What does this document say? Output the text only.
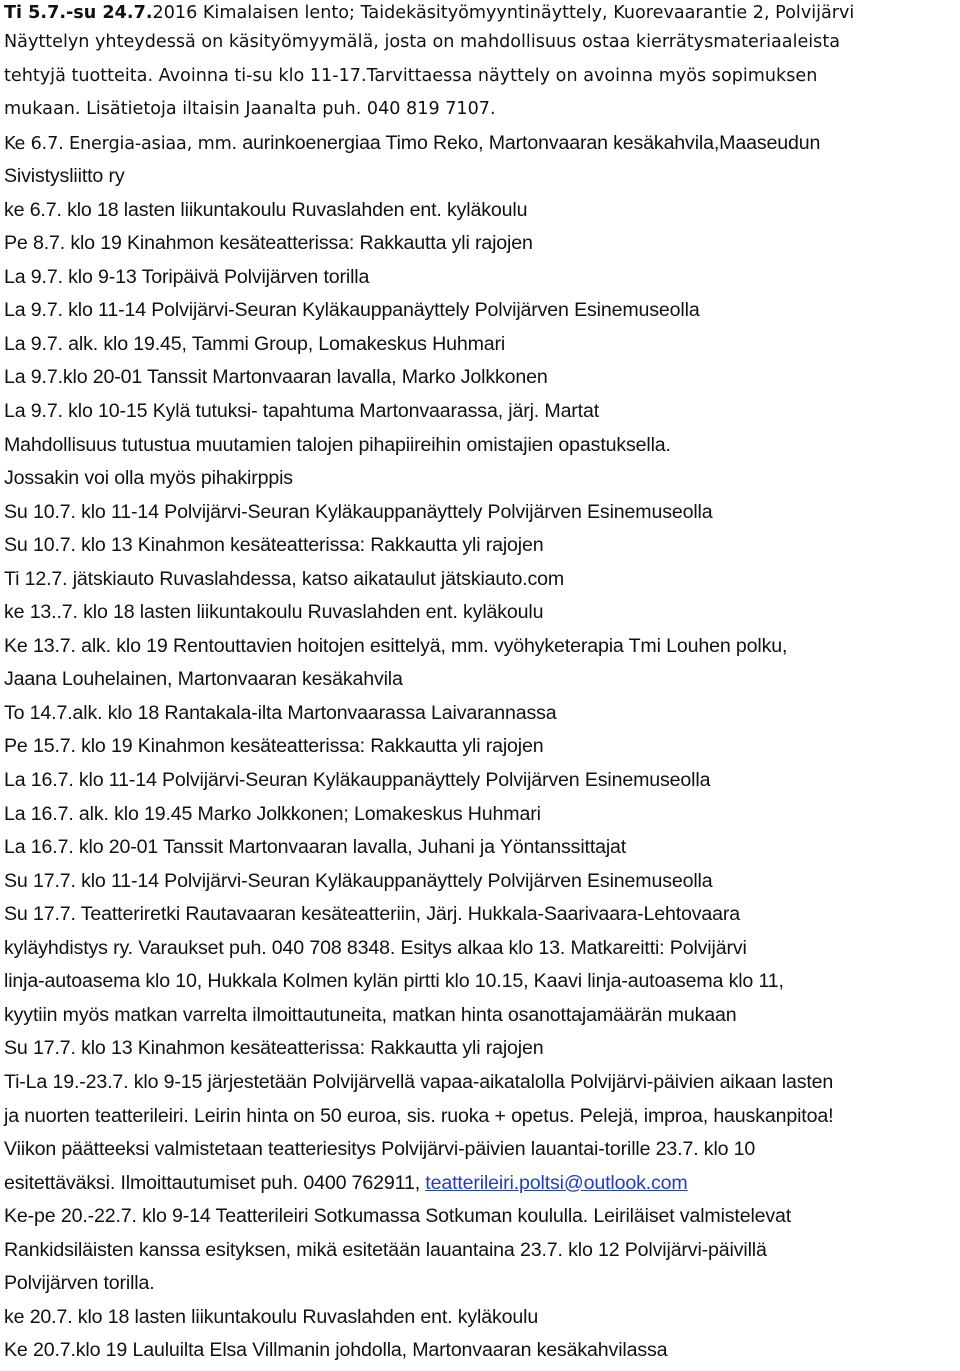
Ti 5.7.-su 24.7.2016 Kimalaisen lento; Taidekäsityömyyntinäyttely, Kuorevaarantie 2, Polvijärvi
Näyttelyn yhteydessä on käsityömyymälä, josta on mahdollisuus ostaa kierrätysmateriaaleista
tehtyjä tuotteita. Avoinna ti-su klo 11-17.Tarvittaessa näyttely on avoinna myös sopimuksen
mukaan. Lisätietoja iltaisin Jaanalta puh. 040 819 7107.
Ke 6.7. Energia-asiaa, mm. aurinkoenergiaa Timo Reko, Martonvaaran kesäkahvila,Maaseudun
Sivistysliitto ry
ke 6.7. klo 18 lasten liikuntakoulu Ruvaslahden ent. kyläkoulu
Pe 8.7. klo 19 Kinahmon kesäteatterissa: Rakkautta yli rajojen
La 9.7. klo 9-13 Toripäivä Polvijärven torilla
La 9.7. klo 11-14 Polvijärvi-Seuran Kyläkauppanäyttely Polvijärven Esinemuseolla
La 9.7. alk. klo 19.45, Tammi Group, Lomakeskus Huhmari
La 9.7.klo 20-01 Tanssit Martonvaaran lavalla, Marko Jolkkonen
La 9.7. klo 10-15 Kylä tutuksi- tapahtuma Martonvaarassa, järj. Martat
Mahdollisuus tutustua muutamien talojen pihapiireihin omistajien opastuksella.
Jossakin voi olla myös pihakirppis
Su 10.7. klo 11-14 Polvijärvi-Seuran Kyläkauppanäyttely Polvijärven Esinemuseolla
Su 10.7. klo 13 Kinahmon kesäteatterissa: Rakkautta yli rajojen
Ti 12.7. jätskiauto Ruvaslahdessa, katso aikataulut jätskiauto.com
ke 13..7. klo 18 lasten liikuntakoulu Ruvaslahden ent. kyläkoulu
Ke 13.7. alk. klo 19 Rentouttavien hoitojen esittelyä, mm. vyöhyketerapia Tmi Louhen polku,
Jaana Louhelainen, Martonvaaran kesäkahvila
To 14.7.alk. klo 18 Rantakala-ilta Martonvaarassa Laivarannassa
Pe 15.7. klo 19 Kinahmon kesäteatterissa: Rakkautta yli rajojen
La 16.7. klo 11-14 Polvijärvi-Seuran Kyläkauppanäyttely Polvijärven Esinemuseolla
La 16.7. alk. klo 19.45 Marko Jolkkonen; Lomakeskus Huhmari
La 16.7. klo 20-01 Tanssit Martonvaaran lavalla, Juhani ja Yöntanssittajat
Su 17.7. klo 11-14 Polvijärvi-Seuran Kyläkauppanäyttely Polvijärven Esinemuseolla
Su 17.7. Teatteriretki Rautavaaran kesäteatteriin, Järj. Hukkala-Saarivaara-Lehtovaara
kyläyhdistys ry. Varaukset puh. 040 708 8348. Esitys alkaa klo 13. Matkareitti: Polvijärvi
linja-autoasema klo 10, Hukkala Kolmen kylän pirtti klo 10.15, Kaavi linja-autoasema klo 11,
kyytiin myös matkan varrelta ilmoittautuneita, matkan hinta osanottajamäärän mukaan
Su 17.7. klo 13 Kinahmon kesäteatterissa: Rakkautta yli rajojen
Ti-La 19.-23.7. klo 9-15 järjestetään Polvijärvellä vapaa-aikatalolla Polvijärvi-päivien aikaan lasten
ja nuorten teatterileiri. Leirin hinta on 50 euroa, sis. ruoka + opetus. Pelejä, improa, hauskanpitoa!
Viikon päätteeksi valmistetaan teatteriesitys Polvijärvi-päivien lauantai-torille 23.7. klo 10
esitettäväksi. Ilmoittautumiset puh. 0400 762911, teatterileiri.poltsi@outlook.com
Ke-pe 20.-22.7. klo 9-14 Teatterileiri Sotkumassa Sotkuman koululla. Leiriläiset valmistelevat
Rankidsiläisten kanssa esityksen, mikä esitetään lauantaina 23.7. klo 12 Polvijärvi-päivillä
Polvijärven torilla.
ke 20.7. klo 18 lasten liikuntakoulu Ruvaslahden ent. kyläkoulu
Ke 20.7.klo 19 Lauluilta Elsa Villmanin johdolla, Martonvaaran kesäkahvilassa
